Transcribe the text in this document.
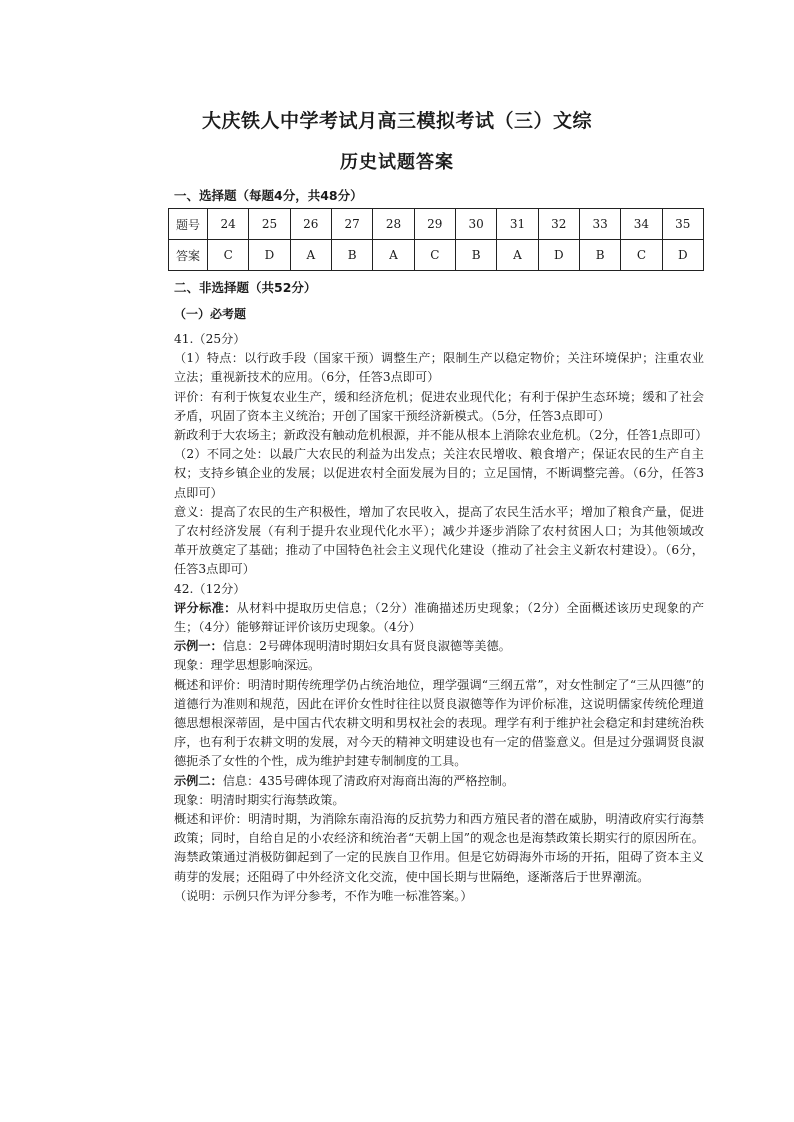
大庆铁人中学考试月高三模拟考试（三）文综
历史试题答案
一、选择题（每题4分，共48分）
题号	24	25	26	27	28	29	30	31	32	33	34	35
答案	C	D	A	B	A	C	B	A	D	B	C	D
二、非选择题（共52分）
（一）必考题

41.（25分）

（1）特点：以行政手段（国家干预）调整生产；限制生产以稳定物价；关注环境保护；注重农业立法；重视新技术的应用。（6分，任答3点即可）

评价：有利于恢复农业生产，缓和经济危机；促进农业现代化；有利于保护生态环境；缓和了社会矛盾，巩固了资本主义统治；开创了国家干预经济新模式。（5分，任答3点即可）

新政利于大农场主；新政没有触动危机根源，并不能从根本上消除农业危机。（2分，任答1点即可）

（2）不同之处：以最广大农民的利益为出发点；关注农民增收、粮食增产；保证农民的生产自主权；支持乡镇企业的发展；以促进农村全面发展为目的；立足国情，不断调整完善。（6分，任答3点即可）

意义：提高了农民的生产积极性，增加了农民收入，提高了农民生活水平；增加了粮食产量，促进了农村经济发展（有利于提升农业现代化水平）；减少并逐步消除了农村贫困人口；为其他领域改革开放奠定了基础；推动了中国特色社会主义现代化建设（推动了社会主义新农村建设）。（6分，任答3点即可）

42.（12分）

评分标准：从材料中提取历史信息；（2分）准确描述历史现象；（2分）全面概述该历史现象的产生；（4分）能够辩证评价该历史现象。（4分）

示例一：信息：2号碑体现明清时期妇女具有贤良淑德等美德。

现象：理学思想影响深远。

概述和评价：明清时期传统理学仍占统治地位，理学强调“三纲五常”，对女性制定了“三从四德”的道德行为准则和规范，因此在评价女性时往往以贤良淑德等作为评价标准，这说明儒家传统伦理道德思想根深蒂固，是中国古代农耕文明和男权社会的表现。理学有利于维护社会稳定和封建统治秩序，也有利于农耕文明的发展，对今天的精神文明建设也有一定的借鉴意义。但是过分强调贤良淑德扼杀了女性的个性，成为维护封建专制制度的工具。

示例二：信息：435号碑体现了清政府对海商出海的严格控制。

现象：明清时期实行海禁政策。

概述和评价：明清时期，为消除东南沿海的反抗势力和西方殖民者的潜在威胁，明清政府实行海禁政策；同时，自给自足的小农经济和统治者“天朝上国”的观念也是海禁政策长期实行的原因所在。海禁政策通过消极防御起到了一定的民族自卫作用。但是它妨碍海外市场的开拓，阻碍了资本主义萌芽的发展；还阻碍了中外经济文化交流，使中国长期与世隔绝，逐渐落后于世界潮流。

（说明：示例只作为评分参考，不作为唯一标准答案。）
